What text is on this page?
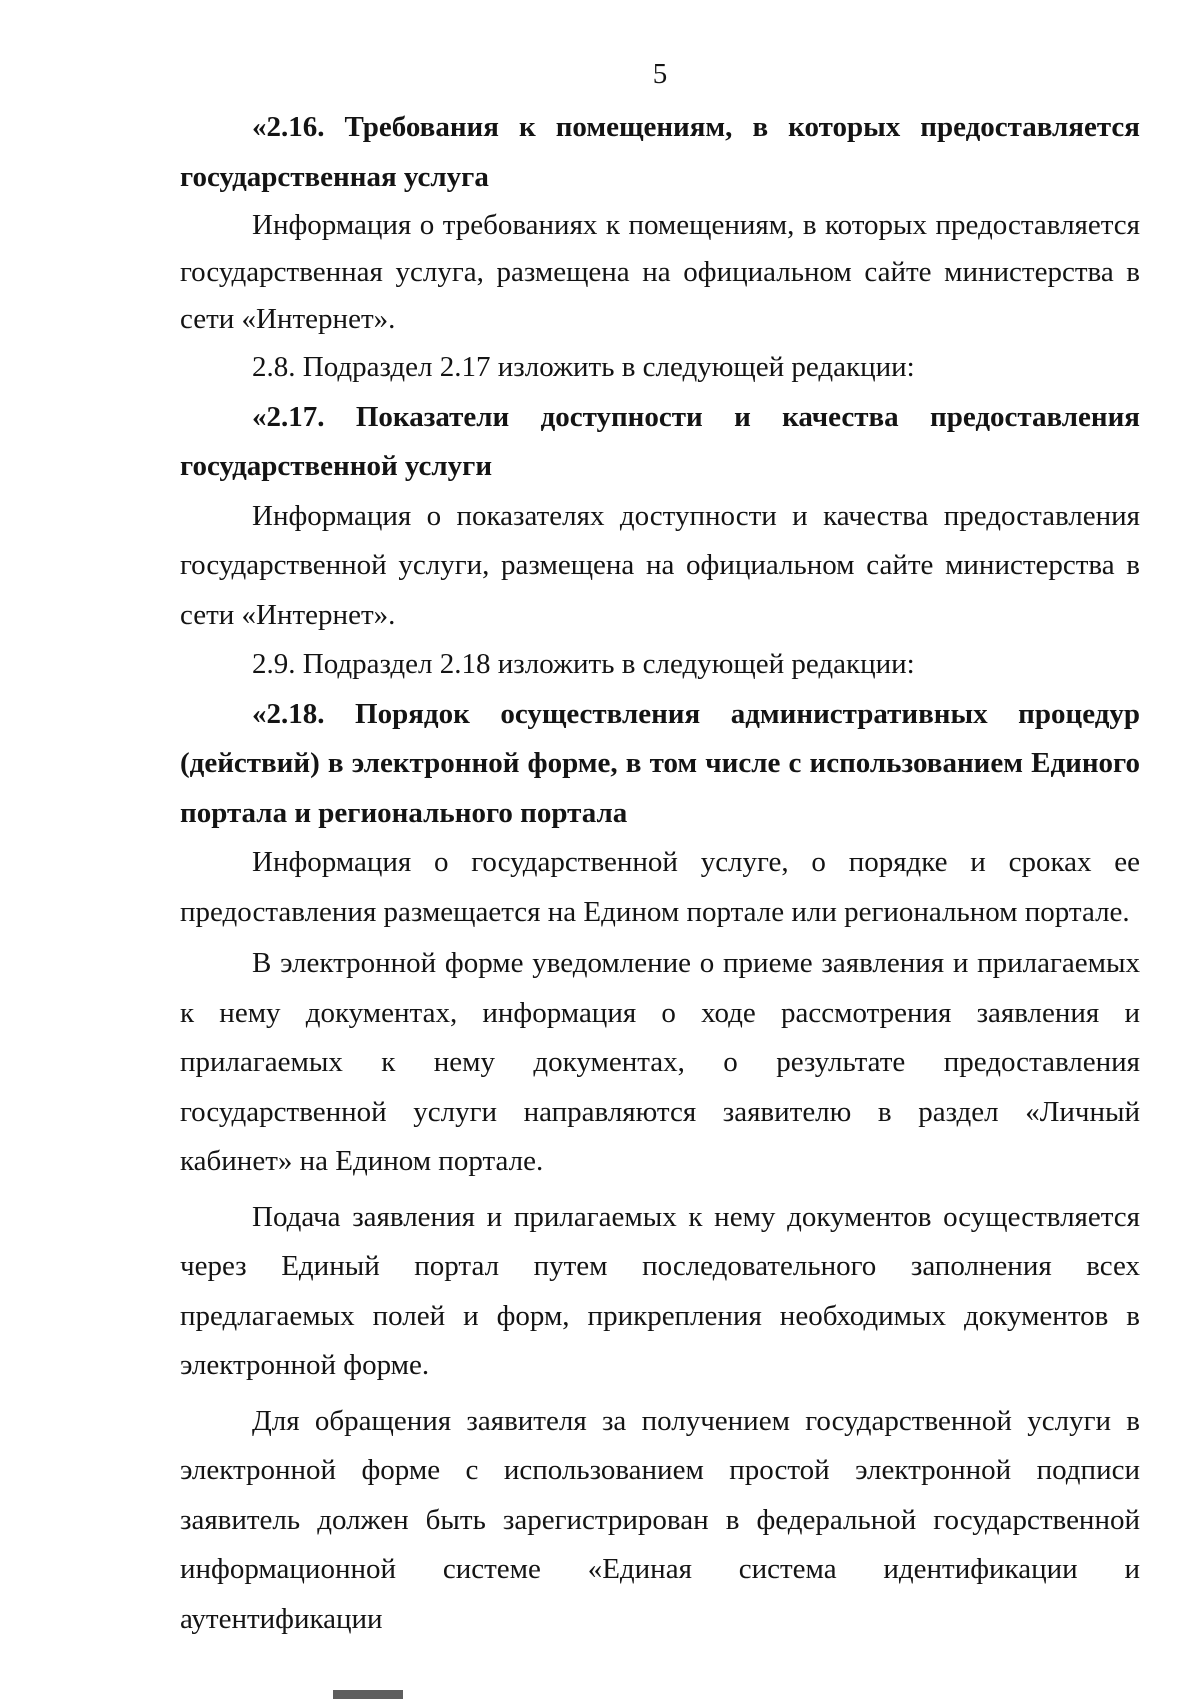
5

«2.16. Требования к помещениям, в которых предоставляется государственная услуга

Информация о требованиях к помещениям, в которых предоставляется государственная услуга, размещена на официальном сайте министерства в сети «Интернет».

2.8. Подраздел 2.17 изложить в следующей редакции:

«2.17. Показатели доступности и качества предоставления государственной услуги

Информация о показателях доступности и качества предоставления государственной услуги, размещена на официальном сайте министерства в сети «Интернет».

2.9. Подраздел 2.18 изложить в следующей редакции:

«2.18. Порядок осуществления административных процедур (действий) в электронной форме, в том числе с использованием Единого портала и регионального портала

Информация о государственной услуге, о порядке и сроках ее предоставления размещается на Едином портале или региональном портале.

В электронной форме уведомление о приеме заявления и прилагаемых к нему документах, информация о ходе рассмотрения заявления и прилагаемых к нему документах, о результате предоставления государственной услуги направляются заявителю в раздел «Личный кабинет» на Едином портале.

Подача заявления и прилагаемых к нему документов осуществляется через Единый портал путем последовательного заполнения всех предлагаемых полей и форм, прикрепления необходимых документов в электронной форме.

Для обращения заявителя за получением государственной услуги в электронной форме с использованием простой электронной подписи заявитель должен быть зарегистрирован в федеральной государственной информационной системе «Единая система идентификации и аутентификации
